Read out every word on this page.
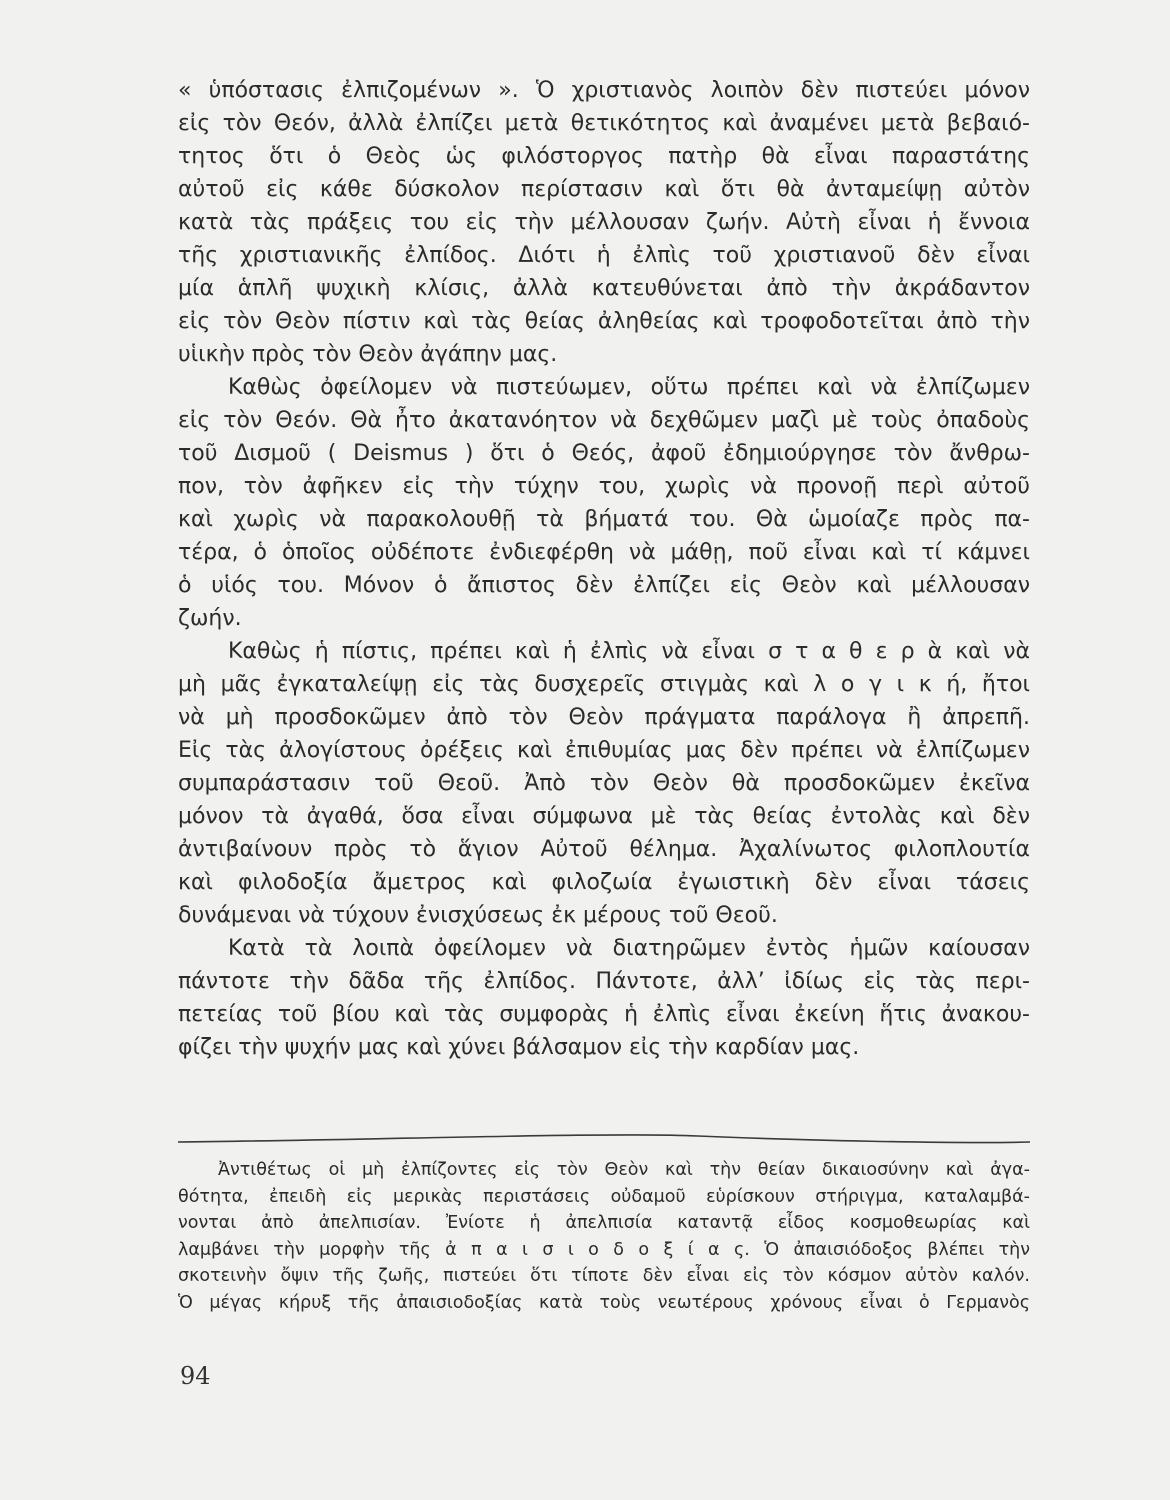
« ὑπόστασις ἐλπιζομένων ». Ὁ χριστιανὸς λοιπὸν δὲν πιστεύει μόνον
εἰς τὸν Θεόν, ἀλλὰ ἐλπίζει μετὰ θετικότητος καὶ ἀναμένει μετὰ βεβαιό-
τητος ὅτι ὁ Θεὸς ὡς φιλόστοργος πατὴρ θὰ εἶναι παραστάτης
αὐτοῦ εἰς κάθε δύσκολον περίστασιν καὶ ὅτι θὰ ἀνταμείψῃ αὐτὸν
κατὰ τὰς πράξεις του εἰς τὴν μέλλουσαν ζωήν. Αὐτὴ εἶναι ἡ ἔννοια
τῆς χριστιανικῆς ἐλπίδος. Διότι ἡ ἐλπὶς τοῦ χριστιανοῦ δὲν εἶναι
μία ἁπλῆ ψυχικὴ κλίσις, ἀλλὰ κατευθύνεται ἀπὸ τὴν ἀκράδαντον
εἰς τὸν Θεὸν πίστιν καὶ τὰς θείας ἀληθείας καὶ τροφοδοτεῖται ἀπὸ τὴν
υἱικὴν πρὸς τὸν Θεὸν ἀγάπην μας.
Καθὼς ὀφείλομεν νὰ πιστεύωμεν, οὕτω πρέπει καὶ νὰ ἐλπίζωμεν
εἰς τὸν Θεόν. Θὰ ἦτο ἀκατανόητον νὰ δεχθῶμεν μαζὶ μὲ τοὺς ὀπαδοὺς
τοῦ Δισμοῦ ( Deismus ) ὅτι ὁ Θεός, ἀφοῦ ἐδημιούργησε τὸν ἄνθρω-
πον, τὸν ἀφῆκεν εἰς τὴν τύχην του, χωρὶς νὰ προνοῇ περὶ αὐτοῦ
καὶ χωρὶς νὰ παρακολουθῇ τὰ βήματά του. Θὰ ὡμοίαζε πρὸς πα-
τέρα, ὁ ὁποῖος οὐδέποτε ἐνδιεφέρθη νὰ μάθῃ, ποῦ εἶναι καὶ τί κάμνει
ὁ υἱός του. Μόνον ὁ ἄπιστος δὲν ἐλπίζει εἰς Θεὸν καὶ μέλλουσαν
ζωήν.
Καθὼς ἡ πίστις, πρέπει καὶ ἡ ἐλπὶς νὰ εἶναι σ τ α θ ε ρ ὰ καὶ νὰ
μὴ μᾶς ἐγκαταλείψῃ εἰς τὰς δυσχερεῖς στιγμὰς καὶ λ ο γ ι κ ή, ἤτοι
νὰ μὴ προσδοκῶμεν ἀπὸ τὸν Θεὸν πράγματα παράλογα ἢ ἀπρεπῆ.
Εἰς τὰς ἀλογίστους ὀρέξεις καὶ ἐπιθυμίας μας δὲν πρέπει νὰ ἐλπίζωμεν
συμπαράστασιν τοῦ Θεοῦ. Ἀπὸ τὸν Θεὸν θὰ προσδοκῶμεν ἐκεῖνα
μόνον τὰ ἀγαθά, ὅσα εἶναι σύμφωνα μὲ τὰς θείας ἐντολὰς καὶ δὲν
ἀντιβαίνουν πρὸς τὸ ἅγιον Αὐτοῦ θέλημα. Ἀχαλίνωτος φιλοπλουτία
καὶ φιλοδοξία ἄμετρος καὶ φιλοζωία ἐγωιστικὴ δὲν εἶναι τάσεις
δυνάμεναι νὰ τύχουν ἐνισχύσεως ἐκ μέρους τοῦ Θεοῦ.
Κατὰ τὰ λοιπὰ ὀφείλομεν νὰ διατηρῶμεν ἐντὸς ἡμῶν καίουσαν
πάντοτε τὴν δᾶδα τῆς ἐλπίδος. Πάντοτε, ἀλλ’ ἰδίως εἰς τὰς περι-
πετείας τοῦ βίου καὶ τὰς συμφορὰς ἡ ἐλπὶς εἶναι ἐκείνη ἥτις ἀνακου-
φίζει τὴν ψυχήν μας καὶ χύνει βάλσαμον εἰς τὴν καρδίαν μας.
Ἀντιθέτως οἱ μὴ ἐλπίζοντες εἰς τὸν Θεὸν καὶ τὴν θείαν δικαιοσύνην καὶ ἀγα-
θότητα, ἐπειδὴ εἰς μερικὰς περιστάσεις οὐδαμοῦ εὑρίσκουν στήριγμα, καταλαμβά-
νονται ἀπὸ ἀπελπισίαν. Ἐνίοτε ἡ ἀπελπισία καταντᾷ εἶδος κοσμοθεωρίας καὶ
λαμβάνει τὴν μορφὴν τῆς ἀ π α ι σ ι ο δ ο ξ ί α ς. Ὁ ἀπαισιόδοξος βλέπει τὴν
σκοτεινὴν ὄψιν τῆς ζωῆς, πιστεύει ὅτι τίποτε δὲν εἶναι εἰς τὸν κόσμον αὐτὸν καλόν.
Ὁ μέγας κήρυξ τῆς ἀπαισιοδοξίας κατὰ τοὺς νεωτέρους χρόνους εἶναι ὁ Γερμανὸς
94
